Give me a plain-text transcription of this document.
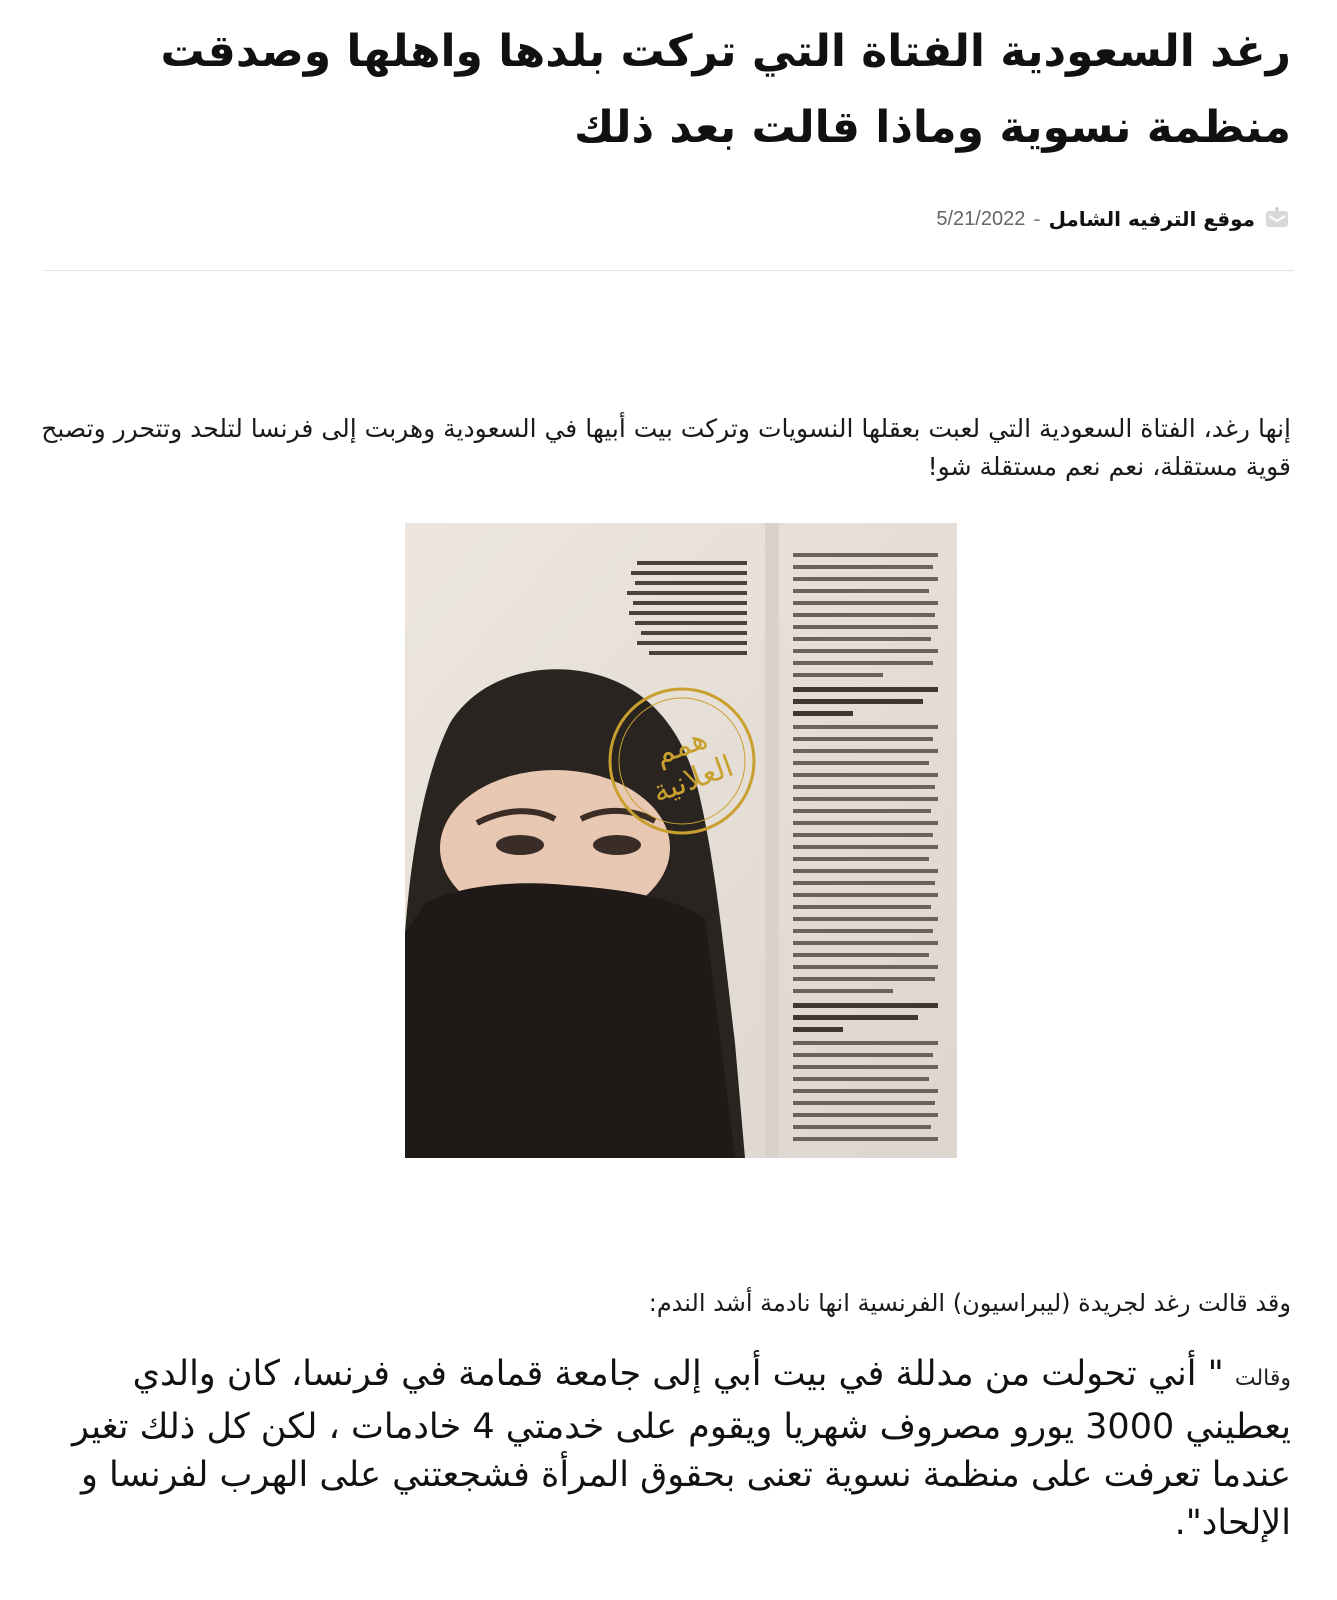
رغد السعودية الفتاة التي تركت بلدها واهلها وصدقت منظمة نسوية وماذا قالت بعد ذلك
موقع الترفيه الشامل
-
5/21/2022

إنها رغد، الفتاة السعودية التي لعبت بعقلها النسويات وتركت بيت أبيها في السعودية وهربت إلى فرنسا لتلحد وتتحرر وتصبح قوية مستقلة، نعم نعم مستقلة شو!

همم العلانية

وقد قالت رغد لجريدة (ليبراسيون) الفرنسية انها نادمة أشد الندم:

وقالت " أني تحولت من مدللة في بيت أبي إلى جامعة قمامة في فرنسا، كان والدي يعطيني 3000 يورو مصروف شهريا ويقوم على خدمتي 4 خادمات ، لكن كل ذلك تغير عندما تعرفت على منظمة نسوية تعنى بحقوق المرأة فشجعتني على الهرب لفرنسا و الإلحاد".
